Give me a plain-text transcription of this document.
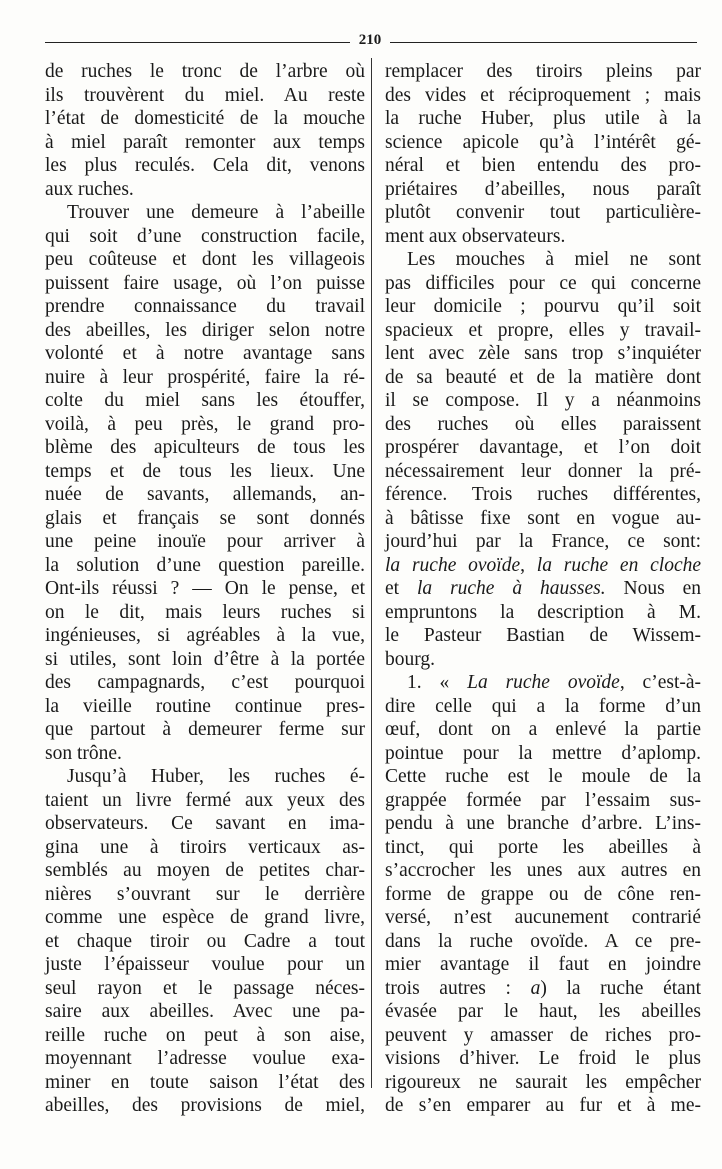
210
de ruches le tronc de l’arbre où
ils trouvèrent du miel. Au reste
l’état de domesticité de la mouche
à miel paraît remonter aux temps
les plus reculés. Cela dit, venons
aux ruches.
Trouver une demeure à l’abeille
qui soit d’une construction facile,
peu coûteuse et dont les villageois
puissent faire usage, où l’on puisse
prendre connaissance du travail
des abeilles, les diriger selon notre
volonté et à notre avantage sans
nuire à leur prospérité, faire la ré-
colte du miel sans les étouffer,
voilà, à peu près, le grand pro-
blème des apiculteurs de tous les
temps et de tous les lieux. Une
nuée de savants, allemands, an-
glais et français se sont donnés
une peine inouïe pour arriver à
la solution d’une question pareille.
Ont-ils réussi ? — On le pense, et
on le dit, mais leurs ruches si
ingénieuses, si agréables à la vue,
si utiles, sont loin d’être à la portée
des campagnards, c’est pourquoi
la vieille routine continue pres-
que partout à demeurer ferme sur
son trône.
Jusqu’à Huber, les ruches é-
taient un livre fermé aux yeux des
observateurs. Ce savant en ima-
gina une à tiroirs verticaux as-
semblés au moyen de petites char-
nières s’ouvrant sur le derrière
comme une espèce de grand livre,
et chaque tiroir ou Cadre a tout
juste l’épaisseur voulue pour un
seul rayon et le passage néces-
saire aux abeilles. Avec une pa-
reille ruche on peut à son aise,
moyennant l’adresse voulue exa-
miner en toute saison l’état des
abeilles, des provisions de miel,
remplacer des tiroirs pleins par
des vides et réciproquement ; mais
la ruche Huber, plus utile à la
science apicole qu’à l’intérêt gé-
néral et bien entendu des pro-
priétaires d’abeilles, nous paraît
plutôt convenir tout particulière-
ment aux observateurs.
Les mouches à miel ne sont
pas difficiles pour ce qui concerne
leur domicile ; pourvu qu’il soit
spacieux et propre, elles y travail-
lent avec zèle sans trop s’inquiéter
de sa beauté et de la matière dont
il se compose. Il y a néanmoins
des ruches où elles paraissent
prospérer davantage, et l’on doit
nécessairement leur donner la pré-
férence. Trois ruches différentes,
à bâtisse fixe sont en vogue au-
jourd’hui par la France, ce sont:
la ruche ovoïde, la ruche en cloche
et la ruche à hausses. Nous en
empruntons la description à M.
le Pasteur Bastian de Wissem-
bourg.
1. « La ruche ovoïde, c’est-à-
dire celle qui a la forme d’un
œuf, dont on a enlevé la partie
pointue pour la mettre d’aplomp.
Cette ruche est le moule de la
grappée formée par l’essaim sus-
pendu à une branche d’arbre. L’ins-
tinct, qui porte les abeilles à
s’accrocher les unes aux autres en
forme de grappe ou de cône ren-
versé, n’est aucunement contrarié
dans la ruche ovoïde. A ce pre-
mier avantage il faut en joindre
trois autres : a) la ruche étant
évasée par le haut, les abeilles
peuvent y amasser de riches pro-
visions d’hiver. Le froid le plus
rigoureux ne saurait les empêcher
de s’en emparer au fur et à me-
